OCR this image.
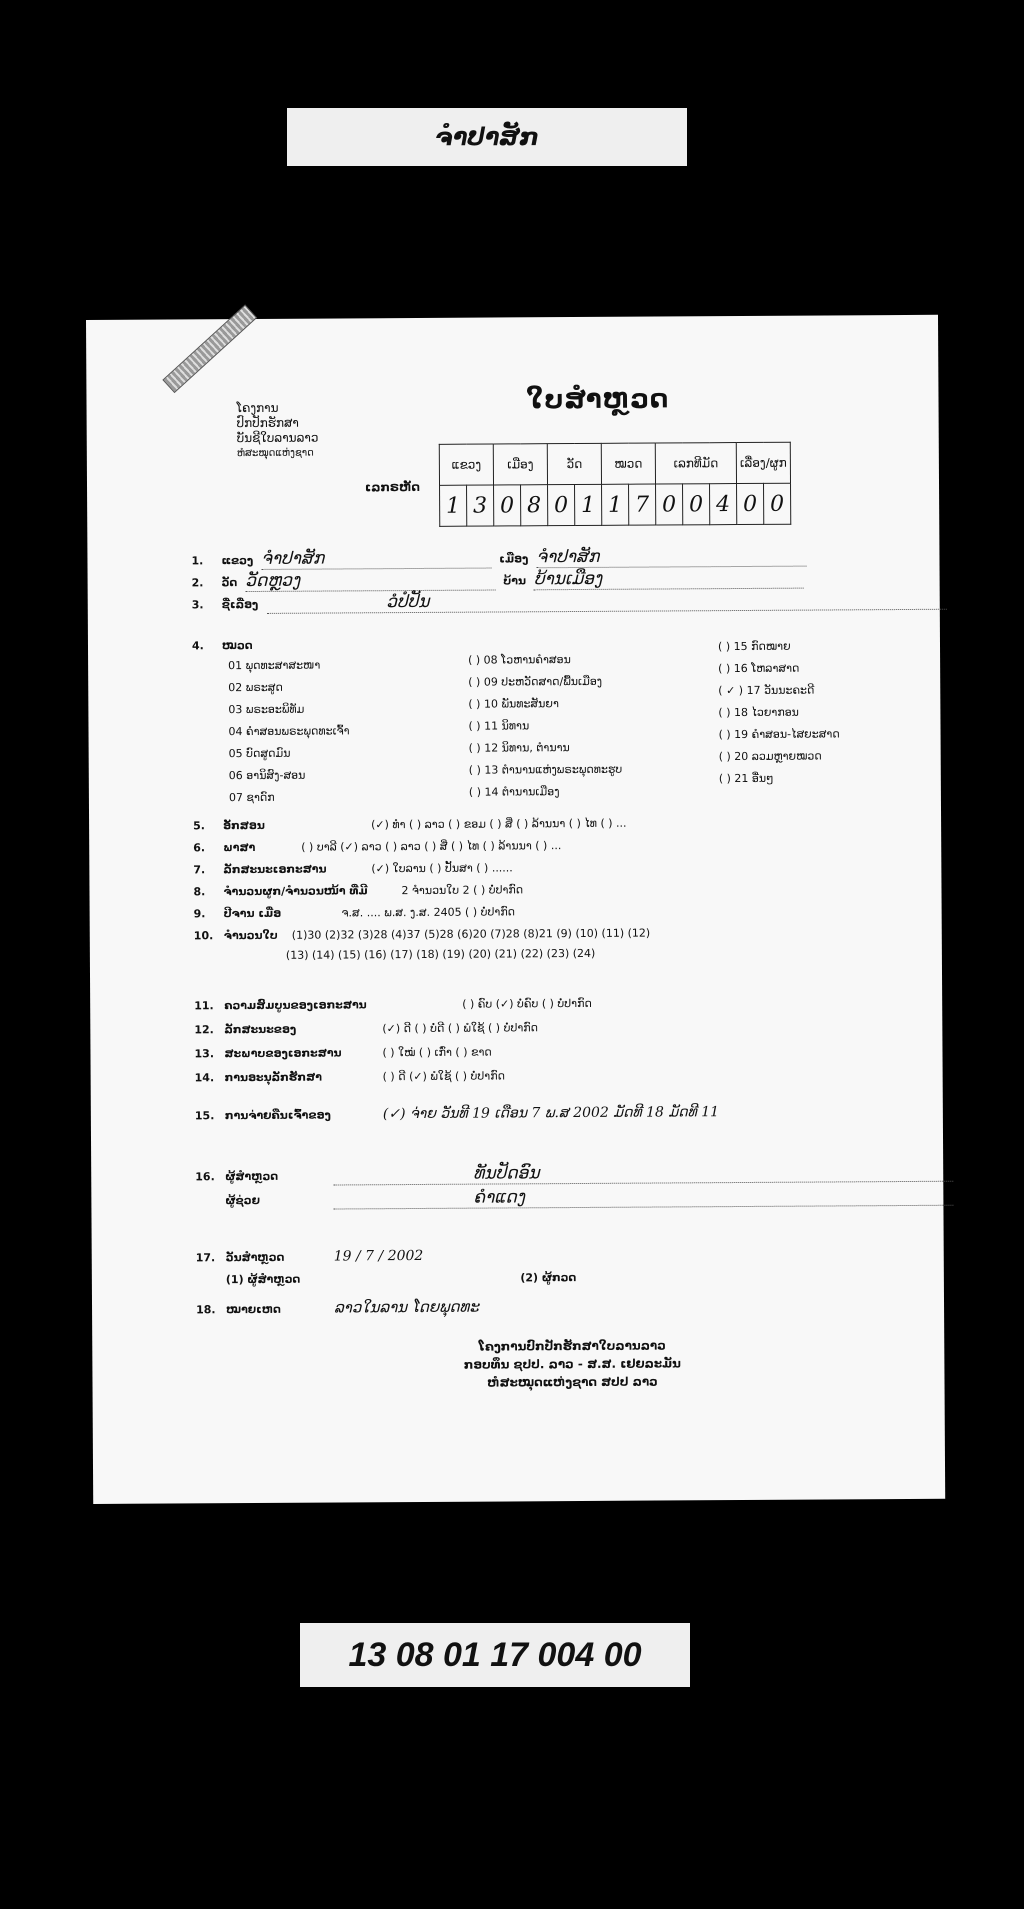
ຈຳປາສັກ
ໂຄງການ
ປົກປັກຮັກສາ
ບັນຊີໃບລານລາວ
ຫໍສະໝຸດແຫ່ງຊາດ
ໃບສຳຫຼວດ
ເລກຣຫັດ
ແຂວງ		ເມືອງ		ວັດ		ໝວດ		ເລກທີມັດ			ເລື່ອງ/ຜູກ	
1	3	0	8	0	1	1	7	0	0	4	0	0
1.	ແຂວງ ຈຳປາສັກ	ເມືອງ ຈຳປາສັກ
2.	ວັດ ວັດຫຼວງ	ບ້ານ ບ້ານເມືອງ
3.	ຊື່ເລື່ອງ	ວໍປໍປັນ
4.	ໝວດ
01 ພຸດທະສາສະໜາ
02 ພຣະສູດ
03 ພຣະອະພິທັມ
04 ຄຳສອນພຣະພຸດທະເຈົ້າ
05 ບົດສູດມົນ
06 ອານິສົງ-ສອນ
07 ຊາດົກ
( ) 08 ໂວຫານຄຳສອນ
( ) 09 ປະຫວັດສາດ/ພື້ນເມືອງ
( ) 10 ພັນທະສັນຍາ
( ) 11 ນິທານ
( ) 12 ນິທານ, ຕຳນານ
( ) 13 ຕຳນານແຫ່ງພຣະພຸດທະຮູບ
( ) 14 ຕຳນານເມືອງ
( ) 15 ກົດໝາຍ
( ) 16 ໂຫລາສາດ
( ✓ ) 17 ວັນນະຄະດີ
( ) 18 ໄວຍາກອນ
( ) 19 ຄຳສອນ-ໄສຍະສາດ
( ) 20 ລວມຫຼາຍໝວດ
( ) 21 ອື່ນໆ
5.	ອັກສອນ	(✓) ທຳ ( ) ລາວ ( ) ຂອມ ( ) ສີ່ ( ) ລ້ານນາ ( ) ໄທ ( ) ...
6.	ພາສາ	( ) ບາລີ (✓) ລາວ ( ) ລາວ ( ) ສີ່ ( ) ໄທ ( ) ລ້ານນາ ( ) ...
7.	ລັກສະນະເອກະສານ	(✓) ໃບລານ ( ) ປັ້ນສາ ( ) ......
8.	ຈຳນວນຜູກ/ຈຳນວນໜ້າ ທີ່ມີ	2 ຈຳນວນໃບ 2 ( ) ບໍ່ປາກົດ
9.	ປີຈານ ເມື່ອ	ຈ.ສ. .... ພ.ສ. ງ.ສ. 2405 ( ) ບໍ່ປາກົດ
10. ຈຳນວນໃບ	(1)30 (2)32 (3)28 (4)37 (5)28 (6)20 (7)28 (8)21 (9) (10) (11) (12)
(13) (14) (15) (16) (17) (18) (19) (20) (21) (22) (23) (24)
11. ຄວາມສົມບູນຂອງເອກະສານ	( ) ຄົບ (✓) ບໍ່ຄົບ ( ) ບໍ່ປາກົດ
12. ລັກສະນະຂອງ	(✓) ດີ ( ) ບໍ່ດີ ( ) ພໍໃຊ້ ( ) ບໍ່ປາກົດ
13. ສະພາບຂອງເອກະສານ	( ) ໃໝ່ ( ) ເກົ່າ ( ) ຂາດ
14. ການອະນຸລັກຮັກສາ	( ) ດີ (✓) ພໍໃຊ້ ( ) ບໍ່ປາກົດ
15. ການຈ່າຍຄືນເຈົ້າຂອງ	(✓) ຈ່າຍ ວັນທີ 19 ເດືອນ 7 ພ.ສ 2002 ມັດທີ 18 ມັດທີ 11
16. ຜູ້ສຳຫຼວດ	ທັນປັດອົນ
ຜູ້ຊ່ວຍ	ຄຳແດງ
17. ວັນສຳຫຼວດ	19 / 7 / 2002
(1) ຜູ້ສຳຫຼວດ	(2) ຜູ້ກວດ
18. ໝາຍເຫດ	ລາວໃນລານ ໂດຍພຸດທະ
ໂຄງການປົກປັກຮັກສາໃບລານລາວ
ກອບທຶນ ຊປປ. ລາວ - ສ.ສ. ເຢຍລະມັນ
ຫໍສະໝຸດແຫ່ງຊາດ ສປປ ລາວ
13 08 01 17 004 00
